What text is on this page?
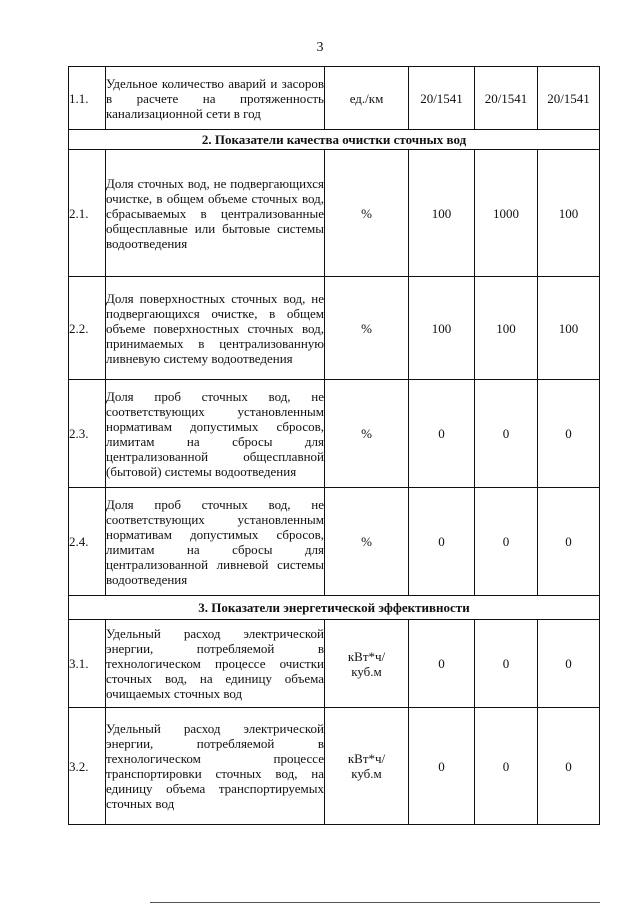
3
1.1.	Удельное количество аварий и засоров в расчете на протяженность канализационной сети в год	ед./км	20/1541	20/1541	20/1541
2. Показатели качества очистки сточных вод					
2.1.	Доля сточных вод, не подвергающихся очистке, в общем объеме сточных вод, сбрасываемых в централизованные общесплавные или бытовые системы водоотведения	%	100	1000	100
2.2.	Доля поверхностных сточных вод, не подвергающихся очистке, в общем объеме поверхностных сточных вод, принимаемых в централизованную ливневую систему водоотведения	%	100	100	100
2.3.	Доля проб сточных вод, не соответствующих установленным нормативам допустимых сбросов, лимитам на сбросы для централизованной общесплавной (бытовой) системы водоотведения	%	0	0	0
2.4.	Доля проб сточных вод, не соответствующих установленным нормативам допустимых сбросов, лимитам на сбросы для централизованной ливневой системы водоотведения	%	0	0	0
3. Показатели энергетической эффективности					
3.1.	Удельный расход электрической энергии, потребляемой в технологическом процессе очистки сточных вод, на единицу объема очищаемых сточных вод	кВт*ч/
куб.м	0	0	0
3.2.	Удельный расход электрической энергии, потребляемой в технологическом процессе транспортировки сточных вод, на единицу объема транспортируемых сточных вод	кВт*ч/
куб.м	0	0	0
